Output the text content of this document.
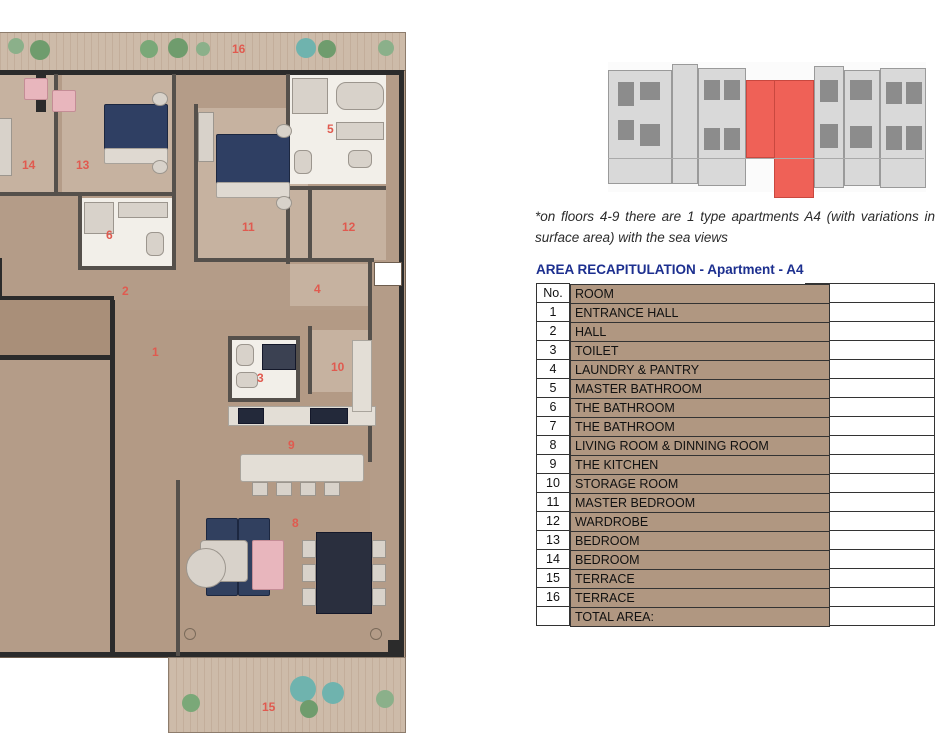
16
14	13
5
11	12
6
2	4
1
3
10
9
8
15
*on floors 4-9 there are 1 type apartments A4 (with variations in surface area) with the sea views
AREA RECAPITULATION - Apartment - A4
No.	ROOM

1		ENTRANCE HALL

2		HALL

3		TOILET

4		LAUNDRY & PANTRY

5		MASTER BATHROOM

6		THE BATHROOM

7		THE BATHROOM

8		LIVING ROOM & DINNING ROOM

9		THE KITCHEN

10		STORAGE ROOM

11		MASTER BEDROOM

12		WARDROBE

13		BEDROOM

14		BEDROOM

15		TERRACE

16		TERRACE

TOTAL AREA:
